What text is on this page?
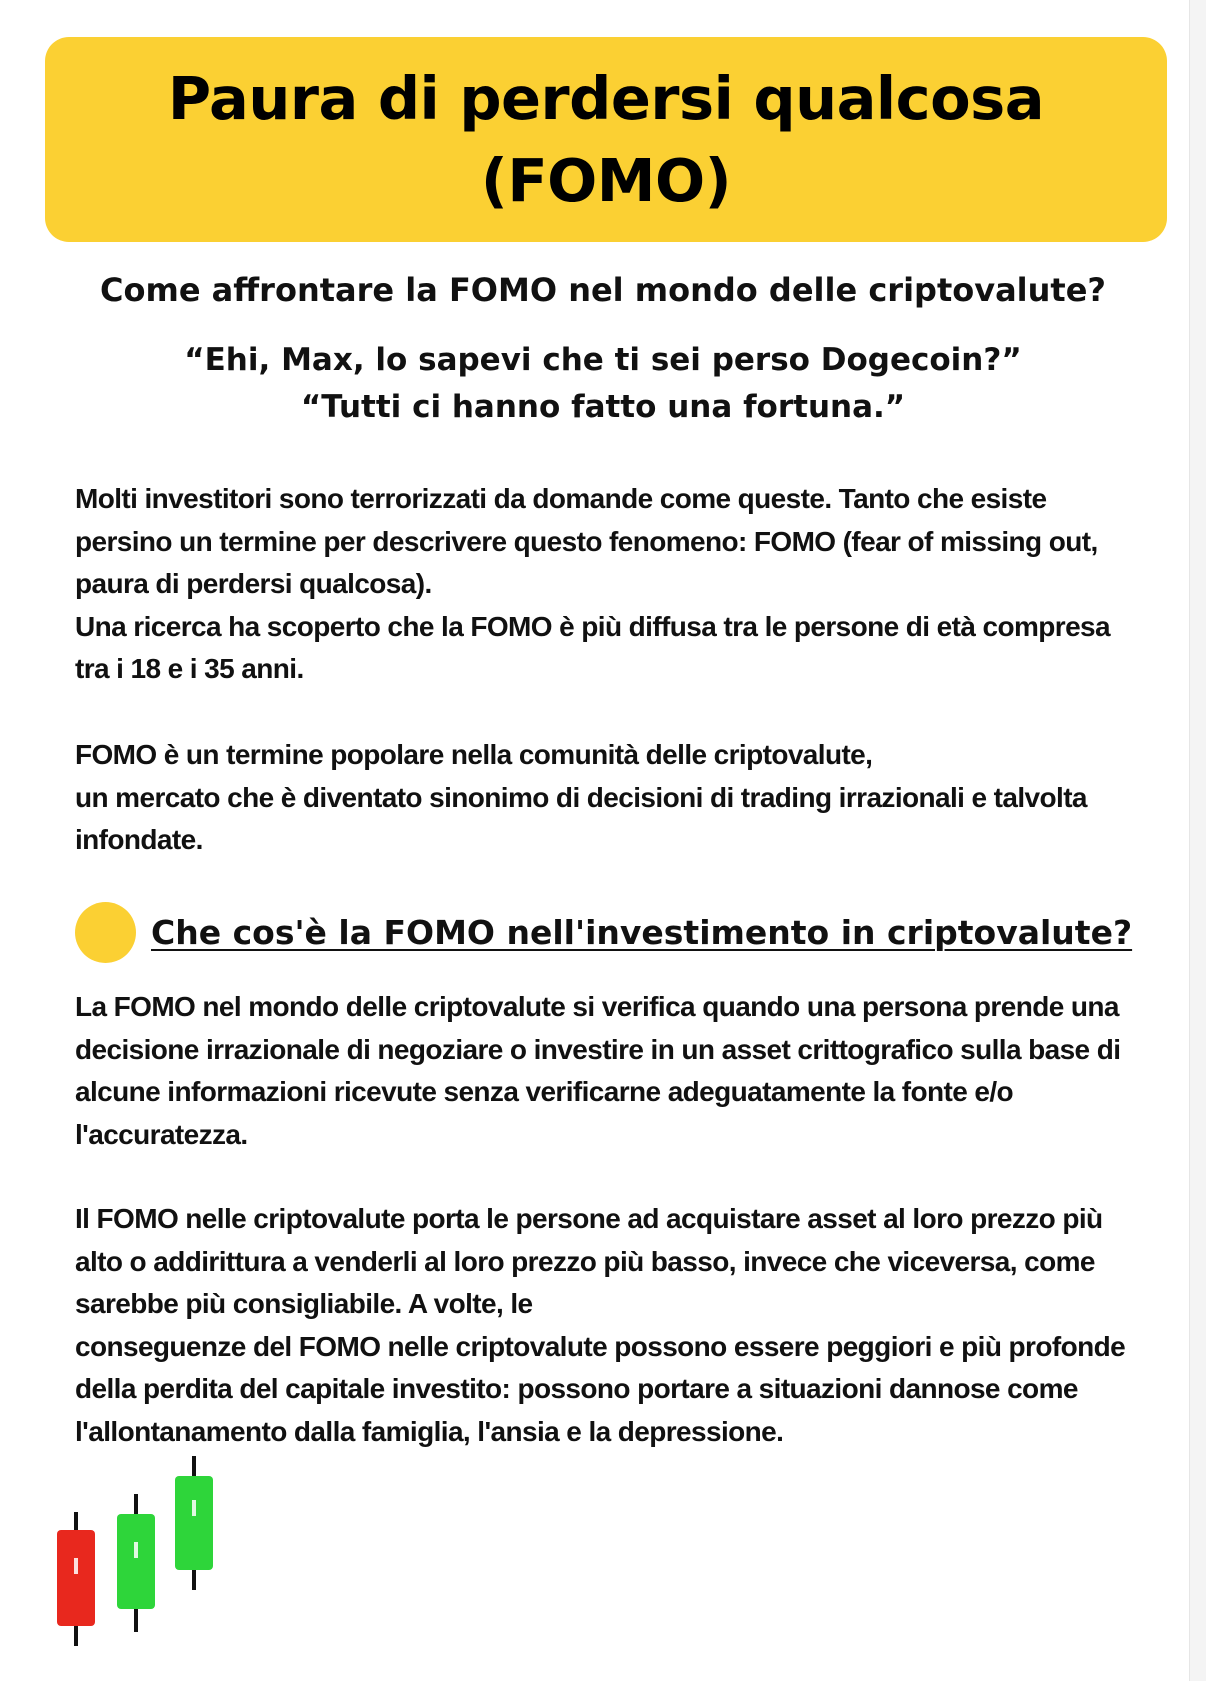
Paura di perdersi qualcosa
(FOMO)
Come affrontare la FOMO nel mondo delle criptovalute?
“Ehi, Max, lo sapevi che ti sei perso Dogecoin?”
“Tutti ci hanno fatto una fortuna.”

Molti investitori sono terrorizzati da domande come queste. Tanto che esiste persino un termine per descrivere questo fenomeno: FOMO (fear of missing out, paura di perdersi qualcosa).

Una ricerca ha scoperto che la FOMO è più diffusa tra le persone di età compresa tra i 18 e i 35 anni.

FOMO è un termine popolare nella comunità delle criptovalute,

un mercato che è diventato sinonimo di decisioni di trading irrazionali e talvolta infondate.

Che cos'è la FOMO nell'investimento in criptovalute?

La FOMO nel mondo delle criptovalute si verifica quando una persona prende una decisione irrazionale di negoziare o investire in un asset crittografico sulla base di alcune informazioni ricevute senza verificarne adeguatamente la fonte e/o l'accuratezza.

Il FOMO nelle criptovalute porta le persone ad acquistare asset al loro prezzo più alto o addirittura a venderli al loro prezzo più basso, invece che viceversa, come sarebbe più consigliabile. A volte, le

conseguenze del FOMO nelle criptovalute possono essere peggiori e più profonde della perdita del capitale investito: possono portare a situazioni dannose come l'allontanamento dalla famiglia, l'ansia e la depressione.
